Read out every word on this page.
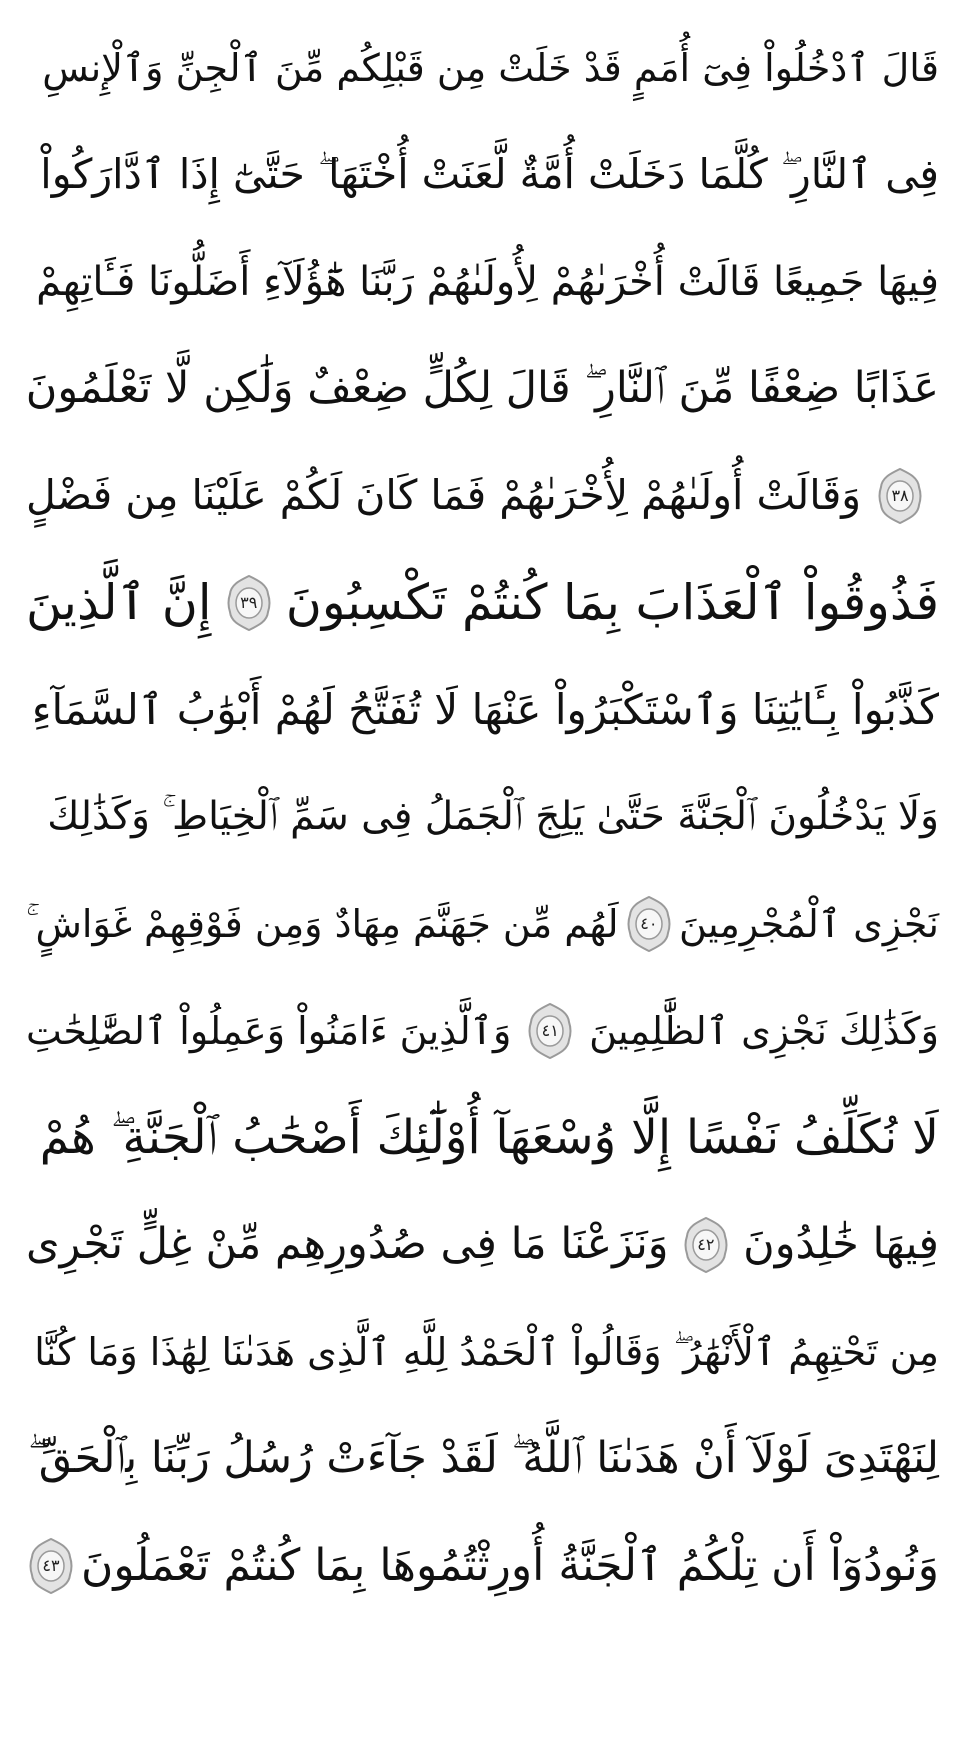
قَالَ ٱدْخُلُواْ فِىٓ أُمَمٍ قَدْ خَلَتْ مِن قَبْلِكُم مِّنَ ٱلْجِنِّ وَٱلْإِنسِ
فِى ٱلنَّارِ ۖ كُلَّمَا دَخَلَتْ أُمَّةٌ لَّعَنَتْ أُخْتَهَا ۖ حَتَّىٰٓ إِذَا ٱدَّارَكُواْ
فِيهَا جَمِيعًا قَالَتْ أُخْرَىٰهُمْ لِأُولَىٰهُمْ رَبَّنَا هَٰٓؤُلَآءِ أَضَلُّونَا فَـَٔاتِهِمْ
عَذَابًا ضِعْفًا مِّنَ ٱلنَّارِ ۖ قَالَ لِكُلٍّ ضِعْفٌ وَلَٰكِن لَّا تَعْلَمُونَ
٣٨
وَقَالَتْ أُولَىٰهُمْ لِأُخْرَىٰهُمْ فَمَا كَانَ لَكُمْ عَلَيْنَا مِن فَضْلٍ
فَذُوقُواْ ٱلْعَذَابَ بِمَا كُنتُمْ تَكْسِبُونَ
٣٩
إِنَّ ٱلَّذِينَ
كَذَّبُواْ بِـَٔايَٰتِنَا وَٱسْتَكْبَرُواْ عَنْهَا لَا تُفَتَّحُ لَهُمْ أَبْوَٰبُ ٱلسَّمَآءِ
وَلَا يَدْخُلُونَ ٱلْجَنَّةَ حَتَّىٰ يَلِجَ ٱلْجَمَلُ فِى سَمِّ ٱلْخِيَاطِ ۚ وَكَذَٰلِكَ
نَجْزِى ٱلْمُجْرِمِينَ
٤٠
لَهُم مِّن جَهَنَّمَ مِهَادٌ وَمِن فَوْقِهِمْ غَوَاشٍ ۚ
وَكَذَٰلِكَ نَجْزِى ٱلظَّٰلِمِينَ
٤١
وَٱلَّذِينَ ءَامَنُواْ وَعَمِلُواْ ٱلصَّٰلِحَٰتِ
لَا نُكَلِّفُ نَفْسًا إِلَّا وُسْعَهَآ أُوْلَٰٓئِكَ أَصْحَٰبُ ٱلْجَنَّةِ ۖ هُمْ
فِيهَا خَٰلِدُونَ
٤٢
وَنَزَعْنَا مَا فِى صُدُورِهِم مِّنْ غِلٍّ تَجْرِى
مِن تَحْتِهِمُ ٱلْأَنْهَٰرُ ۖ وَقَالُواْ ٱلْحَمْدُ لِلَّهِ ٱلَّذِى هَدَىٰنَا لِهَٰذَا وَمَا كُنَّا
لِنَهْتَدِىَ لَوْلَآ أَنْ هَدَىٰنَا ٱللَّهُ ۖ لَقَدْ جَآءَتْ رُسُلُ رَبِّنَا بِٱلْحَقِّ ۖ
وَنُودُوٓاْ أَن تِلْكُمُ ٱلْجَنَّةُ أُورِثْتُمُوهَا بِمَا كُنتُمْ تَعْمَلُونَ
٤٣
